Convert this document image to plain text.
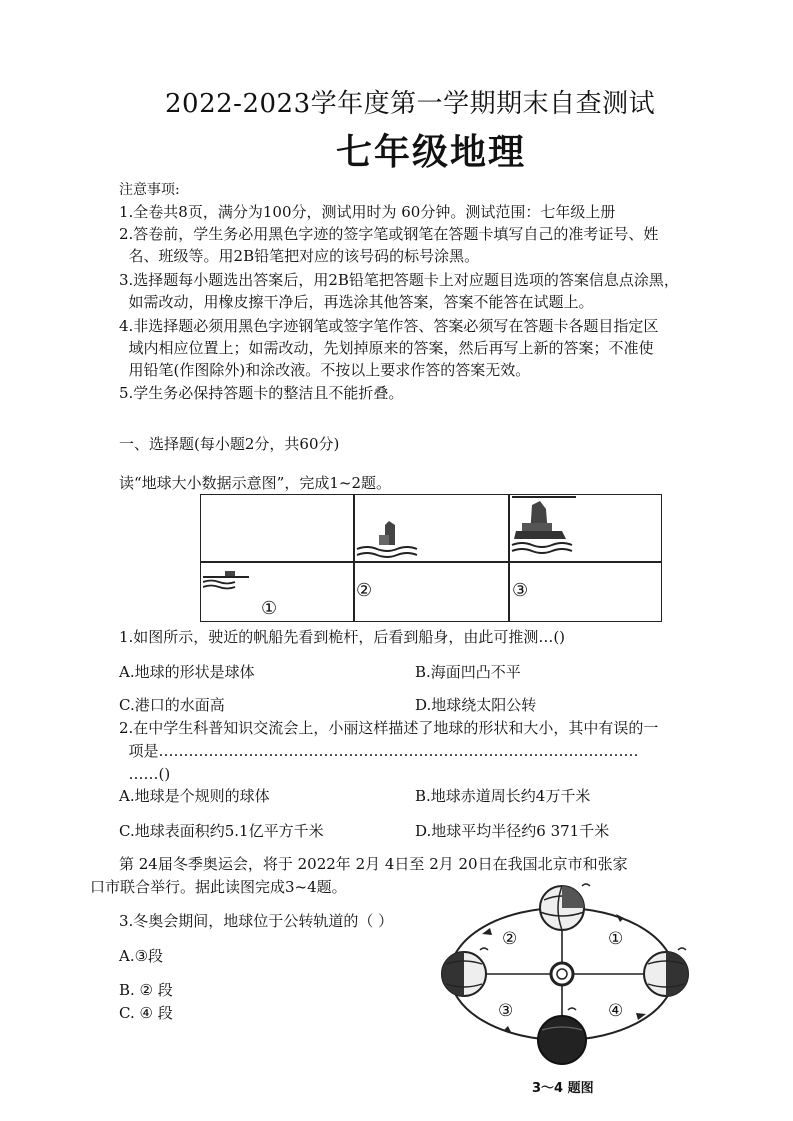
2022-2023学年度第一学期期末自查测试
七年级地理
注意事项:
1.全卷共8页，满分为100分，测试用时为 60分钟。测试范围：七年级上册
2.答卷前，学生务必用黑色字迹的签字笔或钢笔在答题卡填写自己的准考证号、姓
名、班级等。用2B铅笔把对应的该号码的标号涂黑。
3.选择题每小题选出答案后，用2B铅笔把答题卡上对应题目选项的答案信息点涂黑，
如需改动，用橡皮擦干净后，再选涂其他答案，答案不能答在试题上。
4.非选择题必须用黑色字迹钢笔或签字笔作答、答案必须写在答题卡各题目指定区
域内相应位置上；如需改动，先划掉原来的答案，然后再写上新的答案；不准使
用铅笔(作图除外)和涂改液。不按以上要求作答的答案无效。
5.学生务必保持答题卡的整洁且不能折叠。
一、选择题(每小题2分，共60分)
读“地球大小数据示意图”，完成1~2题。
①
②	③
1.如图所示，驶近的帆船先看到桅杆，后看到船身，由此可推测…()
A.地球的形状是球体	B.海面凹凸不平
C.港口的水面高	D.地球绕太阳公转
2.在中学生科普知识交流会上，小丽这样描述了地球的形状和大小，其中有误的一
项是……………………………………………………………………………………
……()
A.地球是个规则的球体	B.地球赤道周长约4万千米
C.地球表面积约5.1亿平方千米	D.地球平均半径约6 371千米
第 24届冬季奥运会，将于 2022年 2月 4日至 2月 20日在我国北京市和张家
口市联合举行。据此读图完成3~4题。
3.冬奥会期间，地球位于公转轨道的（ ）
A.③段
B. ② 段
C. ④ 段
②	①
③	④
3～4 题图
